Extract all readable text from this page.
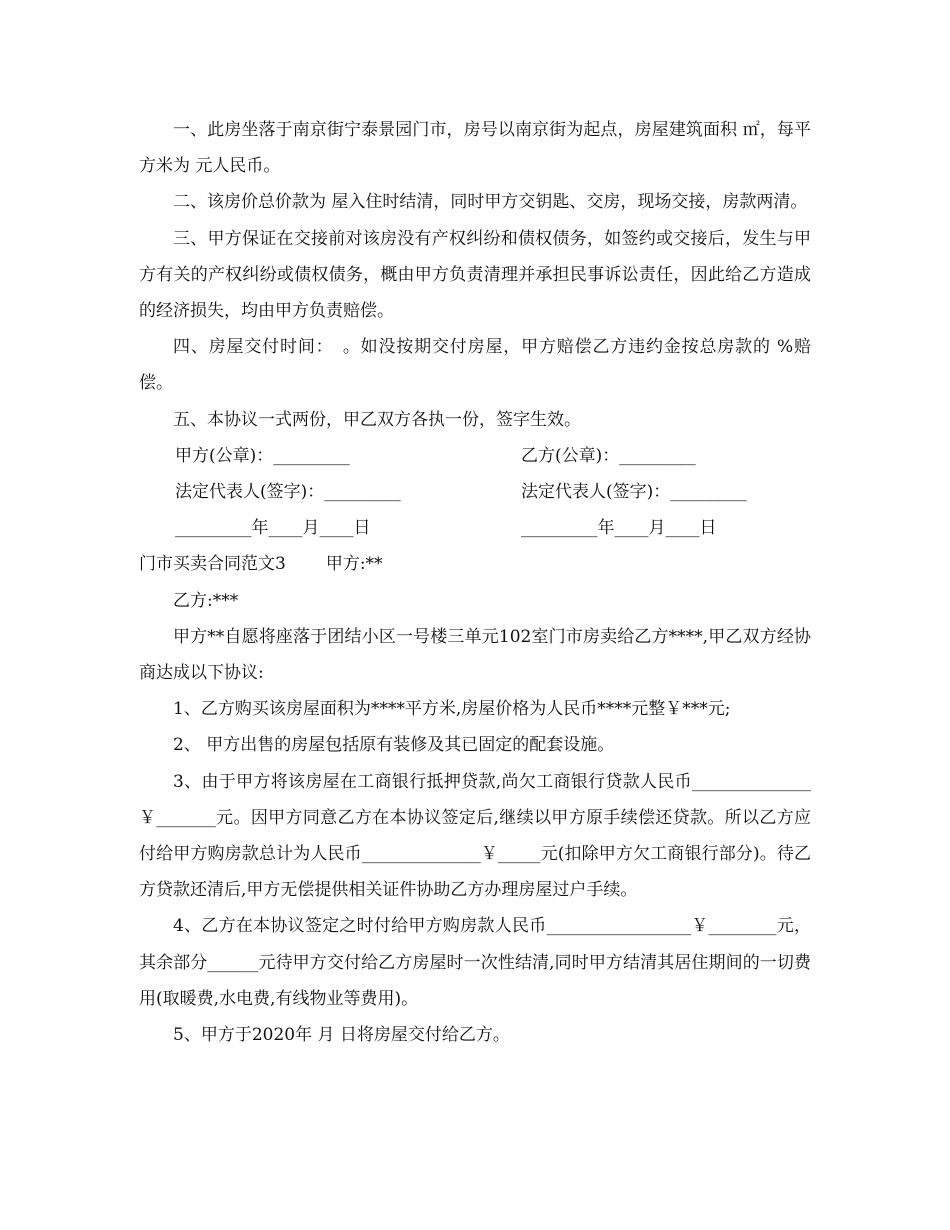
一、此房坐落于南京街宁泰景园门市，房号以南京街为起点，房屋建筑面积 ㎡，每平方米为 元人民币。

二、该房价总价款为 屋入住时结清，同时甲方交钥匙、交房，现场交接，房款两清。

三、甲方保证在交接前对该房没有产权纠纷和债权债务，如签约或交接后，发生与甲方有关的产权纠纷或债权债务，概由甲方负责清理并承担民事诉讼责任，因此给乙方造成的经济损失，均由甲方负责赔偿。

四、房屋交付时间：　。如没按期交付房屋，甲方赔偿乙方违约金按总房款的 %赔偿。

五、本协议一式两份，甲乙双方各执一份，签字生效。

甲方(公章)：_________	乙方(公章)：_________
法定代表人(签字)：_________	法定代表人(签字)：_________
_________年____月____日	_________年____月____日

门市买卖合同范文3 甲方:**

乙方:***

甲方**自愿将座落于团结小区一号楼三单元102室门市房卖给乙方****,甲乙双方经协商达成以下协议:

1、乙方购买该房屋面积为****平方米,房屋价格为人民币****元整￥***元;

2、 甲方出售的房屋包括原有装修及其已固定的配套设施。

3、由于甲方将该房屋在工商银行抵押贷款,尚欠工商银行贷款人民币______________￥_______元。因甲方同意乙方在本协议签定后,继续以甲方原手续偿还贷款。所以乙方应付给甲方购房款总计为人民币______________￥_____元(扣除甲方欠工商银行部分)。待乙方贷款还清后,甲方无偿提供相关证件协助乙方办理房屋过户手续。

4、乙方在本协议签定之时付给甲方购房款人民币_________________￥________元，其余部分______元待甲方交付给乙方房屋时一次性结清,同时甲方结清其居住期间的一切费用(取暖费,水电费,有线物业等费用)。

5、甲方于2020年 月 日将房屋交付给乙方。
